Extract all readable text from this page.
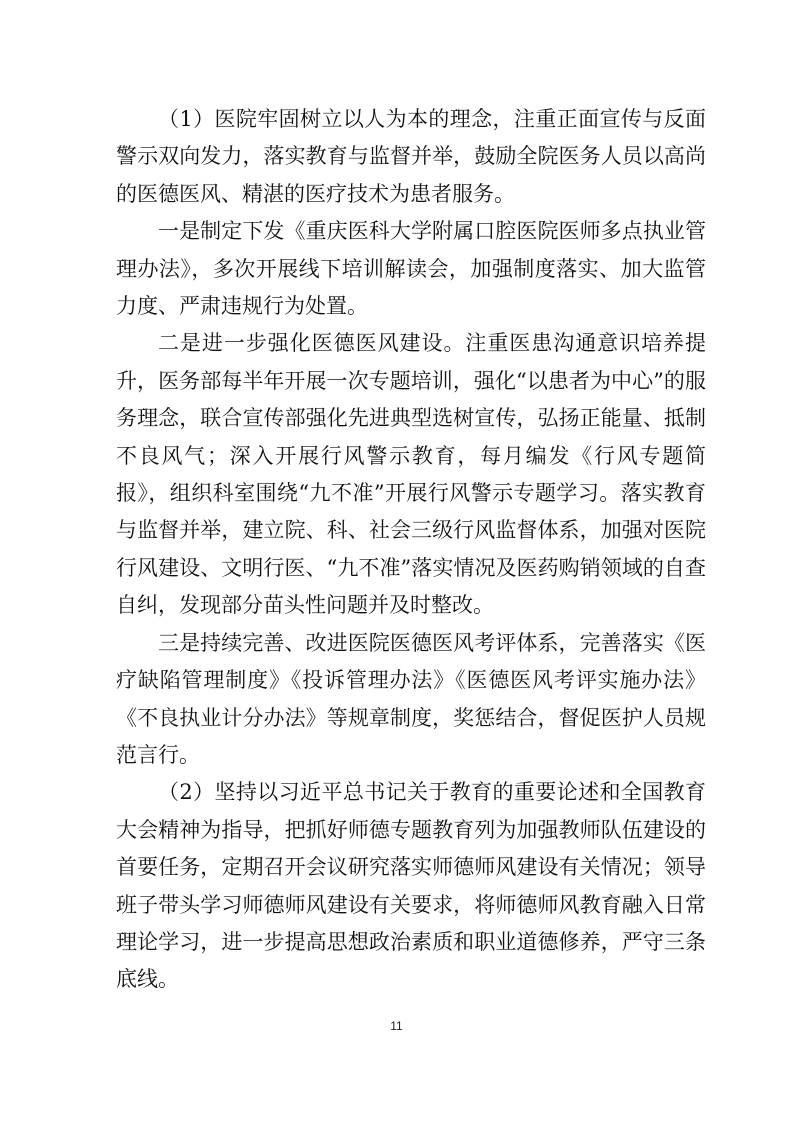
（1）医院牢固树立以人为本的理念，注重正面宣传与反面警示双向发力，落实教育与监督并举，鼓励全院医务人员以高尚的医德医风、精湛的医疗技术为患者服务。

一是制定下发《重庆医科大学附属口腔医院医师多点执业管理办法》，多次开展线下培训解读会，加强制度落实、加大监管力度、严肃违规行为处置。

二是进一步强化医德医风建设。注重医患沟通意识培养提升，医务部每半年开展一次专题培训，强化“以患者为中心”的服务理念，联合宣传部强化先进典型选树宣传，弘扬正能量、抵制不良风气；深入开展行风警示教育，每月编发《行风专题简报》，组织科室围绕“九不准”开展行风警示专题学习。落实教育与监督并举，建立院、科、社会三级行风监督体系，加强对医院行风建设、文明行医、“九不准”落实情况及医药购销领域的自查自纠，发现部分苗头性问题并及时整改。

三是持续完善、改进医院医德医风考评体系，完善落实《医疗缺陷管理制度》《投诉管理办法》《医德医风考评实施办法》《不良执业计分办法》等规章制度，奖惩结合，督促医护人员规范言行。

（2）坚持以习近平总书记关于教育的重要论述和全国教育大会精神为指导，把抓好师德专题教育列为加强教师队伍建设的首要任务，定期召开会议研究落实师德师风建设有关情况；领导班子带头学习师德师风建设有关要求，将师德师风教育融入日常理论学习，进一步提高思想政治素质和职业道德修养，严守三条底线。

11
